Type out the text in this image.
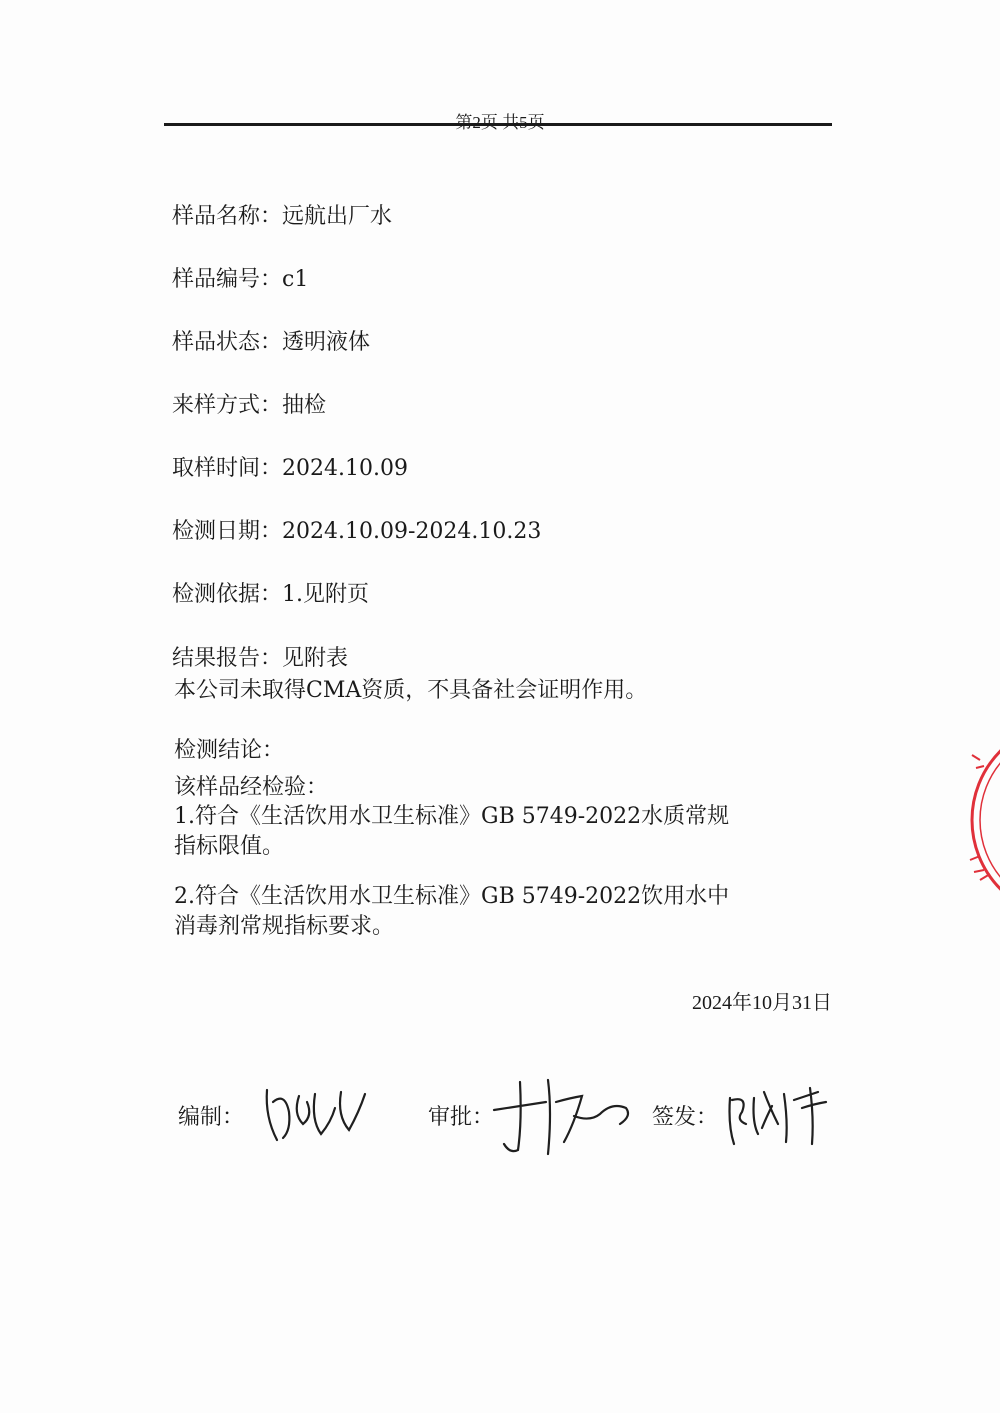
样品名称：远航出厂水
样品编号：c1
样品状态：透明液体
来样方式：抽检
取样时间：2024.10.09
检测日期：2024.10.09-2024.10.23
检测依据：1.见附页
结果报告：见附表
本公司未取得CMA资质，不具备社会证明作用。
检测结论：
该样品经检验：
1.符合《生活饮用水卫生标准》GB 5749-2022水质常规
指标限值。
2.符合《生活饮用水卫生标准》GB 5749-2022饮用水中
消毒剂常规指标要求。
2024年10月31日
编制：	审批：	签发：
